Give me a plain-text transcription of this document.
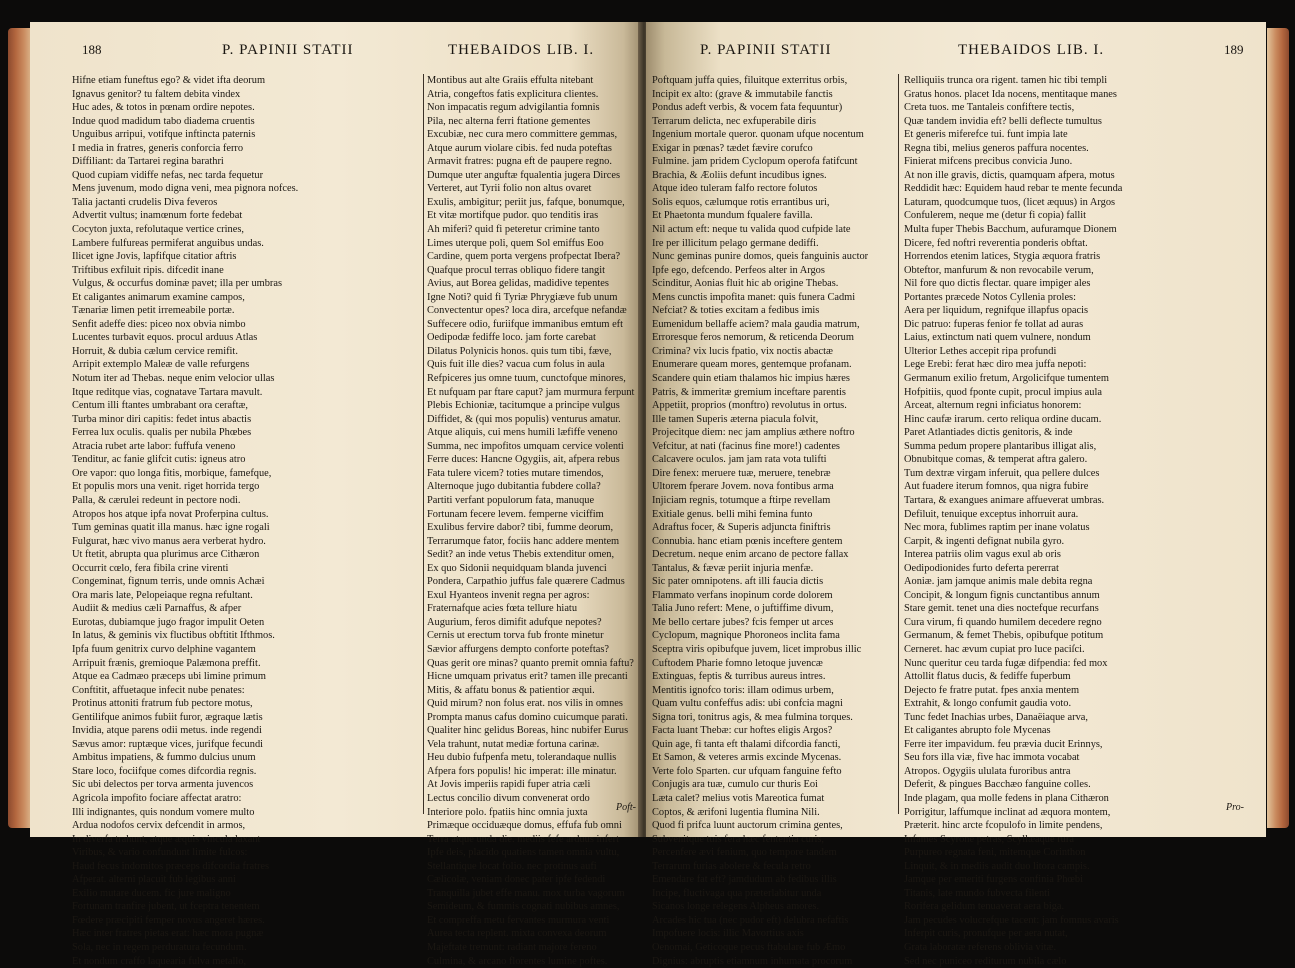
188	P. PAPINII STATII	THEBAIDOS LIB. I.
Hifne etiam funeftus ego? & videt ifta deorum
Ignavus genitor? tu faltem debita vindex
Huc ades, & totos in pœnam ordire nepotes.
Indue quod madidum tabo diadema cruentis
Unguibus arripui, votifque inftincta paternis
I media in fratres, generis conforcia ferro
Diffiliant: da Tartarei regina barathri
Quod cupiam vidiffe nefas, nec tarda fequetur
Mens juvenum, modo digna veni, mea pignora nofces.
Talia jactanti crudelis Diva feveros
Advertit vultus; inamœnum forte fedebat
Cocyton juxta, refolutaque vertice crines,
Lambere fulfureas permiferat anguibus undas.
Ilicet igne Jovis, lapfifque citatior aftris
Triftibus exfiluit ripis. difcedit inane
Vulgus, & occurfus dominæ pavet; illa per umbras
Et caligantes animarum examine campos,
Tænariæ limen petit irremeabile portæ.
Senfit adeffe dies: piceo nox obvia nimbo
Lucentes turbavit equos. procul arduus Atlas
Horruit, & dubia cælum cervice remifit.
Arripit extemplo Maleæ de valle refurgens
Notum iter ad Thebas. neque enim velocior ullas
Itque reditque vias, cognatave Tartara mavult.
Centum illi ftantes umbrabant ora ceraftæ,
Turba minor diri capitis: fedet intus abactis
Ferrea lux oculis. qualis per nubila Phœbes
Atracia rubet arte labor: fuffufa veneno
Tenditur, ac fanie glifcit cutis: igneus atro
Ore vapor: quo longa fitis, morbique, famefque,
Et populis mors una venit. riget horrida tergo
Palla, & cærulei redeunt in pectore nodi.
Atropos hos atque ipfa novat Proferpina cultus.
Tum geminas quatit illa manus. hæc igne rogali
Fulgurat, hæc vivo manus aera verberat hydro.
Ut ftetit, abrupta qua plurimus arce Cithæron
Occurrit cœlo, fera fibila crine virenti
Congeminat, fignum terris, unde omnis Achæi
Ora maris late, Pelopeiaque regna refultant.
Audiit & medius cæli Parnaffus, & afper
Eurotas, dubiamque jugo fragor impulit Oeten
In latus, & geminis vix fluctibus obftitit Ifthmos.
Ipfa fuum genitrix curvo delphine vagantem
Arripuit frænis, gremioque Palæmona preffit.
Atque ea Cadmæo præceps ubi limine primum
Conftitit, affuetaque infecit nube penates:
Protinus attoniti fratrum fub pectore motus,
Gentilifque animos fubiit furor, ægraque lætis
Invidia, atque parens odii metus. inde regendi
Sævus amor: ruptæque vices, jurifque fecundi
Ambitus impatiens, & fummo dulcius unum
Stare loco, fociifque comes difcordia regnis.
Sic ubi delectos per torva armenta juvencos
Agricola impofito fociare affectat aratro:
Illi indignantes, quis nondum vomere multo
Ardua nodofos cervix defcendit in armos,
In diverfa trahunt, atque æquis vincula laxant
Viribus, & vario confundunt limite fulcos:
Haud fecus indomitos præceps difcordia fratres
Afperat. alterni placuit fub legibus anni
Exilio mutare ducem. fic jure maligno
Fortunam tranfire jubent, ut fceptra tenentem
Fœdere præcipiti femper novus angeret hæres.
Hæc inter fratres pietas erat: hæc mora pugnæ
Sola, nec in regem perduratura fecundum.
Et nondum craffo laquearia fulva metallo,
Montibus aut alte Graiis effulta nitebant
Atria, congeftos fatis explicitura clientes.
Non impacatis regum advigilantia fomnis
Pila, nec alterna ferri ftatione gementes
Excubiæ, nec cura mero committere gemmas,
Atque aurum violare cibis. fed nuda poteftas
Armavit fratres: pugna eft de paupere regno.
Dumque uter anguftæ fqualentia jugera Dirces
Verteret, aut Tyrii folio non altus ovaret
Exulis, ambigitur; periit jus, fafque, bonumque,
Et vitæ mortifque pudor. quo tenditis iras
Ah miferi? quid fi peteretur crimine tanto
Limes uterque poli, quem Sol emiffus Eoo
Cardine, quem porta vergens profpectat Ibera?
Quafque procul terras obliquo fidere tangit
Avius, aut Borea gelidas, madidive tepentes
Igne Noti? quid fi Tyriæ Phrygiæve fub unum
Convectentur opes? loca dira, arcefque nefandæ
Suffecere odio, furiifque immanibus emtum eft
Oedipodæ fediffe loco. jam forte carebat
Dilatus Polynicis honos. quis tum tibi, fæve,
Quis fuit ille dies? vacua cum folus in aula
Refpiceres jus omne tuum, cunctofque minores,
Et nufquam par ftare caput? jam murmura ferpunt
Plebis Echioniæ, tacitumque a principe vulgus
Diffidet, & (qui mos populis) venturus amatur.
Atque aliquis, cui mens humili læfiffe veneno
Summa, nec impofitos umquam cervice volenti
Ferre duces: Hancne Ogygiis, ait, afpera rebus
Fata tulere vicem? toties mutare timendos,
Alternoque jugo dubitantia fubdere colla?
Partiti verfant populorum fata, manuque
Fortunam fecere levem. femperne viciffim
Exulibus fervire dabor? tibi, fumme deorum,
Terrarumque fator, fociis hanc addere mentem
Sedit? an inde vetus Thebis extenditur omen,
Ex quo Sidonii nequidquam blanda juvenci
Pondera, Carpathio juffus fale quærere Cadmus
Exul Hyanteos invenit regna per agros:
Fraternafque acies fœta tellure hiatu
Augurium, feros dimifit adufque nepotes?
Cernis ut erectum torva fub fronte minetur
Sævior affurgens dempto conforte poteftas?
Quas gerit ore minas? quanto premit omnia faftu?
Hicne umquam privatus erit? tamen ille precanti
Mitis, & affatu bonus & patientior æqui.
Quid mirum? non folus erat. nos vilis in omnes
Prompta manus cafus domino cuicumque parati.
Qualiter hinc gelidus Boreas, hinc nubifer Eurus
Vela trahunt, nutat mediæ fortuna carinæ.
Heu dubio fufpenfa metu, tolerandaque nullis
Afpera fors populis! hic imperat: ille minatur.
At Jovis imperiis rapidi fuper atria cæli
Lectus concilio divum convenerat ordo
Interiore polo. fpatiis hinc omnia juxta
Primæque occiduæque domus, effufa fub omni
Terra atque unda die. mediis fefe arduus infert
Ipfe deis, placido quatiens tamen omnia vultu,
Stellantique locat folio. nec protinus aufi
Cælicolæ, veniam donec pater ipfe fedendi
Tranquilla jubet effe manu. mox turba vagorum
Semideum, & fummis cognati nubibus amnes,
Et compreffa metu fervantes murmura venti
Aurea tecta replent. mixta convexa deorum
Majeftate tremunt: radiant majore fereno
Culmina, & arcano florentes lumine poftes.
Poft-
P. PAPINII STATII	THEBAIDOS LIB. I.	189
Poftquam juffa quies, filuitque exterritus orbis,
Incipit ex alto: (grave & immutabile fanctis
Pondus adeft verbis, & vocem fata fequuntur)
Terrarum delicta, nec exfuperabile diris
Ingenium mortale queror. quonam ufque nocentum
Exigar in pœnas? tædet fævire corufco
Fulmine. jam pridem Cyclopum operofa fatifcunt
Brachia, & Æoliis defunt incudibus ignes.
Atque ideo tuleram falfo rectore folutos
Solis equos, cælumque rotis errantibus uri,
Et Phaetonta mundum fqualere favilla.
Nil actum eft: neque tu valida quod cufpide late
Ire per illicitum pelago germane dediffi.
Nunc geminas punire domos, queis fanguinis auctor
Ipfe ego, defcendo. Perfeos alter in Argos
Scinditur, Aonias fluit hic ab origine Thebas.
Mens cunctis impofita manet: quis funera Cadmi
Nefciat? & toties excitam a fedibus imis
Eumenidum bellaffe aciem? mala gaudia matrum,
Erroresque feros nemorum, & reticenda Deorum
Crimina? vix lucis fpatio, vix noctis abactæ
Enumerare queam mores, gentemque profanam.
Scandere quin etiam thalamos hic impius hæres
Patris, & immeritæ gremium inceftare parentis
Appetiit, proprios (monftro) revolutus in ortus.
Ille tamen Superis æterna piacula folvit,
Projecitque diem: nec jam amplius æthere noftro
Vefcitur, at nati (facinus fine more!) cadentes
Calcavere oculos. jam jam rata vota tulifti
Dire fenex: meruere tuæ, meruere, tenebræ
Ultorem fperare Jovem. nova fontibus arma
Injiciam regnis, totumque a ftirpe revellam
Exitiale genus. belli mihi femina funto
Adraftus focer, & Superis adjuncta finiftris
Connubia. hanc etiam pœnis inceftere gentem
Decretum. neque enim arcano de pectore fallax
Tantalus, & fævæ periit injuria menfæ.
Sic pater omnipotens. aft illi faucia dictis
Flammato verfans inopinum corde dolorem
Talia Juno refert: Mene, o juftiffime divum,
Me bello certare jubes? fcis femper ut arces
Cyclopum, magnique Phoroneos inclita fama
Sceptra viris opibufque juvem, licet improbus illic
Cuftodem Pharie fomno letoque juvencæ
Extinguas, feptis & turribus aureus intres.
Mentitis ignofco toris: illam odimus urbem,
Quam vultu confeffus adis: ubi confcia magni
Signa tori, tonitrus agis, & mea fulmina torques.
Facta luant Thebæ: cur hoftes eligis Argos?
Quin age, fi tanta eft thalami difcordia fancti,
Et Samon, & veteres armis excinde Mycenas.
Verte folo Sparten. cur ufquam fanguine fefto
Conjugis ara tuæ, cumulo cur thuris Eoi
Læta calet? melius votis Mareotica fumat
Coptos, & ærifoni lugentia flumina Nili.
Quod fi prifca luunt auctorum crimina gentes,
Subvenitque tuis fera hæc fententia curis,
Percenfere ævi fenium, quo tempore tandem
Terrarum furias abolere & fecula retro
Emendare fat eft? jamdudum ab fedibus illis
Incipe, fluctivaga qua præterlabitur unda
Sicanos longe relegens Alpheus amores.
Arcades hic tua (nec pudor eft) delubra nefaftis
Impofuere locis: illic Mavortius axis
Oenomai, Geticoque pecus ftabulare fub Æmo
Dignius: abruptis etiamnum inhumata procorum
Relliquiis trunca ora rigent. tamen hic tibi templi
Gratus honos. placet Ida nocens, mentitaque manes
Creta tuos. me Tantaleis confiftere tectis,
Quæ tandem invidia eft? belli deflecte tumultus
Et generis miferefce tui. funt impia late
Regna tibi, melius generos paffura nocentes.
Finierat mifcens precibus convicia Juno.
At non ille gravis, dictis, quamquam afpera, motus
Reddidit hæc: Equidem haud rebar te mente fecunda
Laturam, quodcumque tuos, (licet æquus) in Argos
Confulerem, neque me (detur fi copia) fallit
Multa fuper Thebis Bacchum, aufuramque Dionem
Dicere, fed noftri reverentia ponderis obftat.
Horrendos etenim latices, Stygia æquora fratris
Obteftor, manfurum & non revocabile verum,
Nil fore quo dictis flectar. quare impiger ales
Portantes præcede Notos Cyllenia proles:
Aera per liquidum, regnifque illapfus opacis
Dic patruo: fuperas fenior fe tollat ad auras
Laius, extinctum nati quem vulnere, nondum
Ulterior Lethes accepit ripa profundi
Lege Erebi: ferat hæc diro mea juffa nepoti:
Germanum exilio fretum, Argolicifque tumentem
Hofpitiis, quod fponte cupit, procul impius aula
Arceat, alternum regni inficiatus honorem:
Hinc caufæ irarum. certo reliqua ordine ducam.
Paret Atlantiades dictis genitoris, & inde
Summa pedum propere plantaribus illigat alis,
Obnubitque comas, & temperat aftra galero.
Tum dextræ virgam inferuit, qua pellere dulces
Aut fuadere iterum fomnos, qua nigra fubire
Tartara, & exangues animare affueverat umbras.
Defiluit, tenuique exceptus inhorruit aura.
Nec mora, fublimes raptim per inane volatus
Carpit, & ingenti defignat nubila gyro.
Interea patriis olim vagus exul ab oris
Oedipodionides furto deferta pererrat
Aoniæ. jam jamque animis male debita regna
Concipit, & longum fignis cunctantibus annum
Stare gemit. tenet una dies noctefque recurfans
Cura virum, fi quando humilem decedere regno
Germanum, & femet Thebis, opibufque potitum
Cerneret. hac ævum cupiat pro luce paciſci.
Nunc queritur ceu tarda fugæ difpendia: fed mox
Attollit flatus ducis, & fediffe fuperbum
Dejecto fe fratre putat. fpes anxia mentem
Extrahit, & longo confumit gaudia voto.
Tunc fedet Inachias urbes, Danaëiaque arva,
Et caligantes abrupto fole Mycenas
Ferre iter impavidum. feu prævia ducit Erinnys,
Seu fors illa viæ, five hac immota vocabat
Atropos. Ogygiis ululata furoribus antra
Deferit, & pingues Bacchæo fanguine colles.
Inde plagam, qua molle fedens in plana Cithæron
Porrigitur, laffumque inclinat ad æquora montem,
Præterit. hinc arcte fcopulofo in limite pendens,
Infames Scyrone petras, Scyllæaque rura
Purpureo regnata feni, mitemque Corinthon
Linquit, & in mediis audit duo litora campis.
Jamque per emeriti furgens confinia Phœbi
Titanis, late mundo fubvecta filenti
Rorifera gelidum tenuaverat aera biga.
Jam pecudes volucrefque tacent: jam fomnus avaris
Inferpit curis, pronufque per aera nutat,
Grata laboratæ referens oblivia vitæ.
Sed nec puniceo rediturum nubila cælo
Pro-
